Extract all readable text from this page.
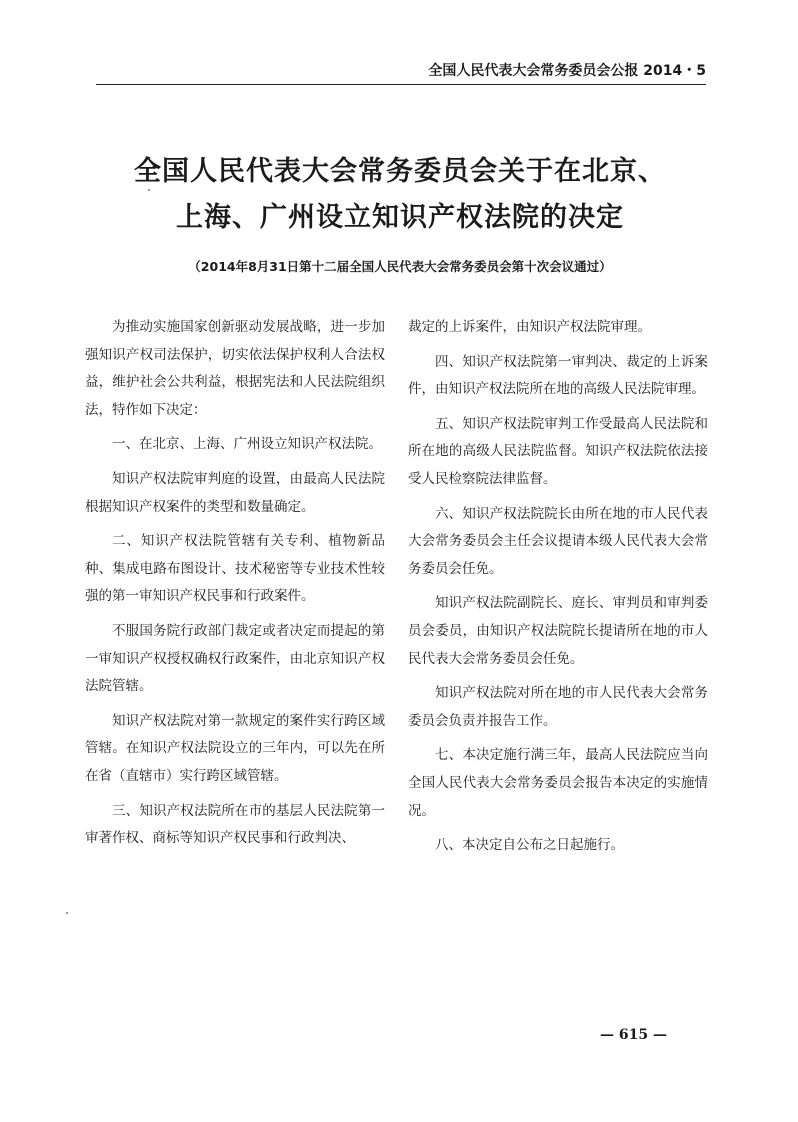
全国人民代表大会常务委员会公报 2014・5
全国人民代表大会常务委员会关于在北京、
上海、广州设立知识产权法院的决定
（2014年8月31日第十二届全国人民代表大会常务委员会第十次会议通过）

为推动实施国家创新驱动发展战略，进一步加强知识产权司法保护，切实依法保护权利人合法权益，维护社会公共利益，根据宪法和人民法院组织法，特作如下决定：

一、在北京、上海、广州设立知识产权法院。

知识产权法院审判庭的设置，由最高人民法院根据知识产权案件的类型和数量确定。

二、知识产权法院管辖有关专利、植物新品种、集成电路布图设计、技术秘密等专业技术性较强的第一审知识产权民事和行政案件。

不服国务院行政部门裁定或者决定而提起的第一审知识产权授权确权行政案件，由北京知识产权法院管辖。

知识产权法院对第一款规定的案件实行跨区域管辖。在知识产权法院设立的三年内，可以先在所在省（直辖市）实行跨区域管辖。

三、知识产权法院所在市的基层人民法院第一审著作权、商标等知识产权民事和行政判决、

裁定的上诉案件，由知识产权法院审理。

四、知识产权法院第一审判决、裁定的上诉案件，由知识产权法院所在地的高级人民法院审理。

五、知识产权法院审判工作受最高人民法院和所在地的高级人民法院监督。知识产权法院依法接受人民检察院法律监督。

六、知识产权法院院长由所在地的市人民代表大会常务委员会主任会议提请本级人民代表大会常务委员会任免。

知识产权法院副院长、庭长、审判员和审判委员会委员，由知识产权法院院长提请所在地的市人民代表大会常务委员会任免。

知识产权法院对所在地的市人民代表大会常务委员会负责并报告工作。

七、本决定施行满三年，最高人民法院应当向全国人民代表大会常务委员会报告本决定的实施情况。

八、本决定自公布之日起施行。

— 615 —
